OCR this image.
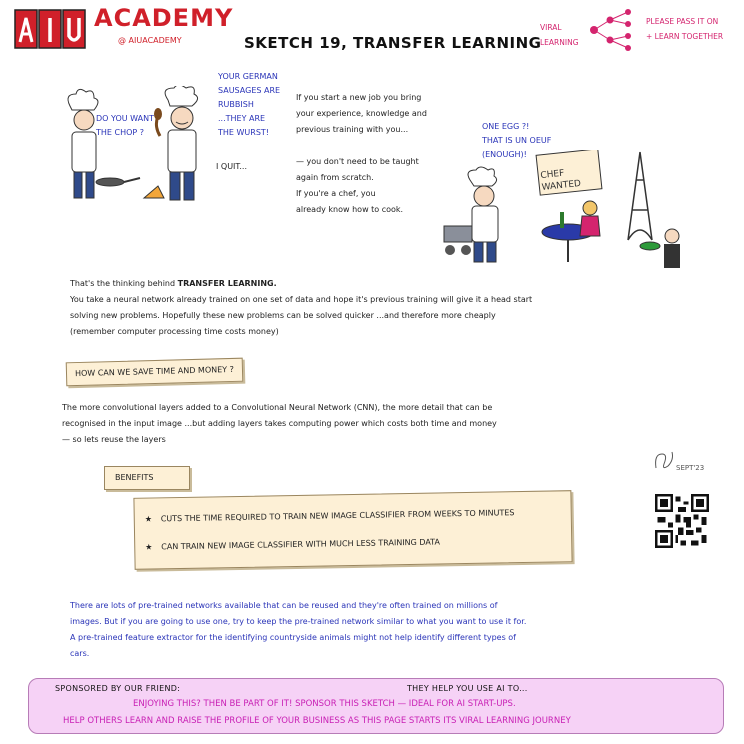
ACADEMY
@ AIUACADEMY	SKETCH 19, TRANSFER LEARNING
VIRAL
LEARNING
PLEASE PASS IT ON
+ LEARN TOGETHER
DO YOU WANT
THE CHOP ?
YOUR GERMAN
SAUSAGES ARE
RUBBISH
...THEY ARE
THE WURST!
I QUIT...
If you start a new job you bring
your experience, knowledge and
previous training with you...
— you don't need to be taught
again from scratch.
If you're a chef, you
already know how to cook.
ONE EGG ?!
THAT IS UN OEUF
(ENOUGH)!
CHEF
WANTED
That's the thinking behind TRANSFER LEARNING.
You take a neural network already trained on one set of data and hope it's previous training will give it a head start
solving new problems. Hopefully these new problems can be solved quicker ...and therefore more cheaply
(remember computer processing time costs money)
HOW CAN WE SAVE TIME AND MONEY ?
The more convolutional layers added to a Convolutional Neural Network (CNN), the more detail that can be
recognised in the input image ...but adding layers takes computing power which costs both time and money
— so lets reuse the layers
BENEFITS
★ CUTS THE TIME REQUIRED TO TRAIN NEW IMAGE CLASSIFIER FROM WEEKS TO MINUTES
★ CAN TRAIN NEW IMAGE CLASSIFIER WITH MUCH LESS TRAINING DATA
SEPT'23
There are lots of pre-trained networks available that can be reused and they're often trained on millions of
images. But if you are going to use one, try to keep the pre-trained network similar to what you want to use it for.
A pre-trained feature extractor for the identifying countryside animals might not help identify different types of
cars.
SPONSORED BY OUR FRIEND:	THEY HELP YOU USE AI TO...
ENJOYING THIS? THEN BE PART OF IT! SPONSOR THIS SKETCH — IDEAL FOR AI START-UPS.
HELP OTHERS LEARN AND RAISE THE PROFILE OF YOUR BUSINESS AS THIS PAGE STARTS ITS VIRAL LEARNING JOURNEY
